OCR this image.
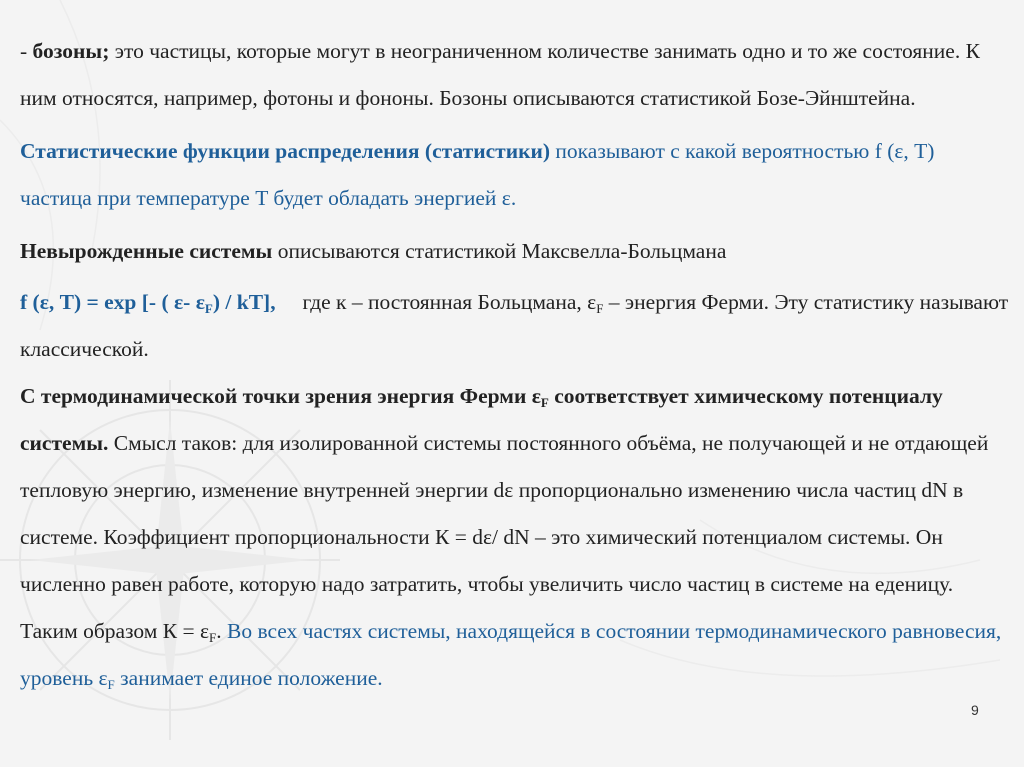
- бозоны; это частицы, которые могут в неограниченном количестве занимать одно и то же состояние. К ним относятся, например, фотоны и фононы. Бозоны описываются статистикой Бозе-Эйнштейна.

Статистические функции распределения (статистики) показывают с какой вероятностью f (ε, T) частица при температуре T будет обладать энергией ε.

Невырожденные системы описываются статистикой Максвелла-Больцмана

f (ε, T) = exp [- ( ε- $\varepsilon_F) / kT$],     где к – постоянная Больцмана, $\varepsilon_F$ – энергия Ферми. Эту статистику называют классической.

С термодинамической точки зрения энергия Ферми $\varepsilon_F$ соответствует химическому потенциалу системы. Смысл таков: для изолированной системы постоянного объёма, не получающей и не отдающей тепловую энергию, изменение внутренней энергии dε пропорционально изменению числа частиц dN в системе. Коэффициент пропорциональности К = dε/ dN – это химический потенциалом системы. Он численно равен работе, которую надо затратить, чтобы увеличить число частиц в системе на еденицу. Таким образом $К = \varepsilon_F$. Во всех частях системы, находящейся в состоянии термодинамического равновесия, уровень $\varepsilon_F$ занимает единое положение.

9
